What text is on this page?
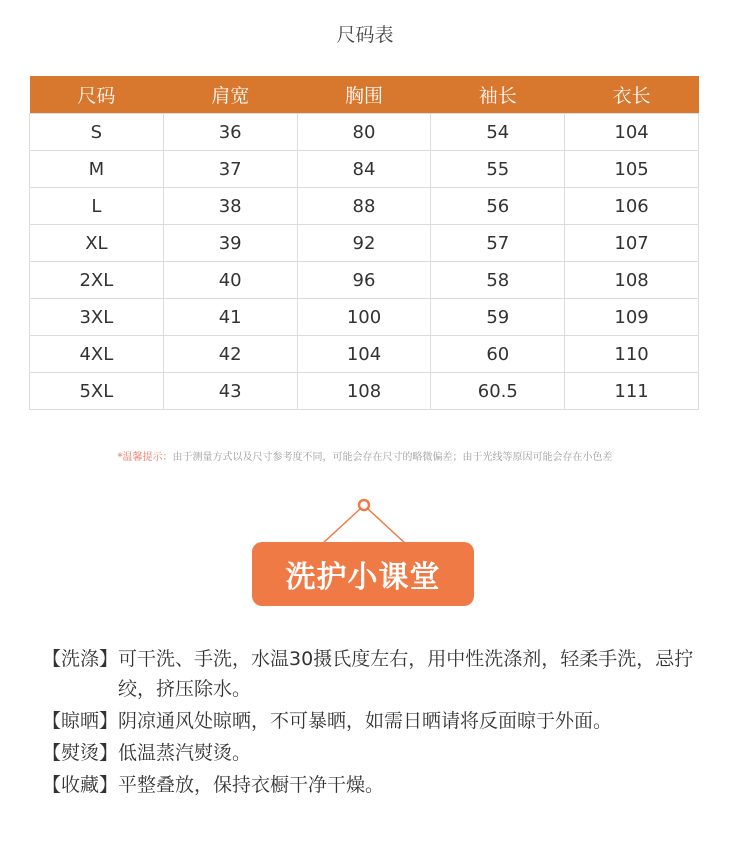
尺码表
尺码	肩宽	胸围	袖长	衣长
S	36	80	54	104
M	37	84	55	105
L	38	88	56	106
XL	39	92	57	107
2XL	40	96	58	108
3XL	41	100	59	109
4XL	42	104	60	110
5XL	43	108	60.5	111
*温馨提示：由于测量方式以及尺寸参考度不同，可能会存在尺寸的略微偏差；由于光线等原因可能会存在小色差
洗护小课堂
【洗涤】 可干洗、手洗，水温30摄氏度左右，用中性洗涤剂，轻柔手洗，忌拧绞，挤压除水。
【晾晒】 阴凉通风处晾晒，不可暴晒，如需日晒请将反面晾于外面。
【熨烫】 低温蒸汽熨烫。
【收藏】 平整叠放，保持衣橱干净干燥。
